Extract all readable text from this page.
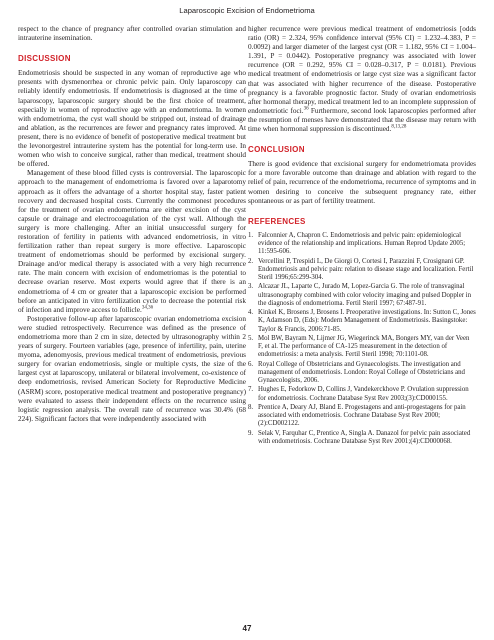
Laparoscopic Excision of Endometrioma

respect to the chance of pregnancy after controlled ovarian stimulation and intrauterine insemination.

DISCUSSION

Endometriosis should be suspected in any woman of reproductive age who presents with dysmenorrhea or chronic pelvic pain. Only laparoscopy can reliably identify endometriosis. If endometriosis is diagnosed at the time of laparoscopy, laparoscopic surgery should be the first choice of treatment, especially in women of reproductive age with an endometrioma. In women with endometrioma, the cyst wall should be stripped out, instead of drainage and ablation, as the recurrences are fewer and pregnancy rates improved. At present, there is no evidence of benefit of postoperative medical treatment but the levonorgestrel intrauterine system has the potential for long-term use. In women who wish to conceive surgical, rather than medical, treatment should be offered.

Management of these blood filled cysts is controversial. The laparoscopic approach to the management of endometrioma is favored over a laparotomy approach as it offers the advantage of a shorter hospital stay, faster patient recovery and decreased hospital costs. Currently the commonest procedures for the treatment of ovarian endometrioma are either excision of the cyst capsule or drainage and electrocoagulation of the cyst wall. Although the surgery is more challenging. After an initial unsuccessful surgery for restoration of fertility in patients with advanced endometriosis, in vitro fertilization rather than repeat surgery is more effective. Laparoscopic treatment of endometriomas should be performed by excisional surgery. Drainage and/or medical therapy is associated with a very high recurrence rate. The main concern with excision of endometriomas is the potential to decrease ovarian reserve. Most experts would agree that if there is an endometrioma of 4 cm or greater that a laparoscopic excision be performed before an anticipated in vitro fertilization cycle to decrease the potential risk of infection and improve access to follicle.$^{34,36}$

Postoperative follow-up after laparoscopic ovarian endometrioma excision were studied retrospectively. Recurrence was defined as the presence of endometrioma more than 2 cm in size, detected by ultrasonography within 2 years of surgery. Fourteen variables (age, presence of infertility, pain, uterine myoma, adenomyosis, previous medical treatment of endometriosis, previous surgery for ovarian endometriosis, single or multiple cysts, the size of the largest cyst at laparoscopy, unilateral or bilateral involvement, co-existence of deep endometriosis, revised American Society for Reproductive Medicine (ASRM) score, postoperative medical treatment and postoperative pregnancy) were evaluated to assess their independent effects on the recurrence using logistic regression analysis. The overall rate of recurrence was 30.4% (68 224). Significant factors that were independently associated with

higher recurrence were previous medical treatment of endometriosis [odds ratio (OR) = 2.324, 95% confidence interval (95% CI) = 1.232–4.383, P = 0.0092) and larger diameter of the largest cyst (OR = 1.182, 95% CI = 1.004–1.391, P = 0.0442). Postoperative pregnancy was associated with lower recurrence (OR = 0.292, 95% CI = 0.028–0.317, P = 0.0181). Previous medical treatment of endometriosis or large cyst size was a significant factor that was associated with higher recurrence of the disease. Postoperative pregnancy is a favorable prognostic factor. Study of ovarian endometriosis after hormonal therapy, medical treatment led to an incomplete suppression of endometriotic foci.$^{36}$ Furthermore, second look laparoscopies performed after the resumption of menses have demonstrated that the disease may return with time when hormonal suppression is discontinued.$^{8,13,28}$

CONCLUSION

There is good evidence that excisional surgery for endometriomata provides for a more favorable outcome than drainage and ablation with regard to the relief of pain, recurrence of the endometrioma, recurrence of symptoms and in women desiring to conceive the subsequent pregnancy rate, either spontaneous or as part of fertility treatment.

REFERENCES
1. Falconnier A, Chapron C. Endometriosis and pelvic pain: epidemiological evidence of the relationship and implications. Human Reprod Update 2005; 11:595-606.
2. Vercellini P, Trespidi L, De Giorgi O, Cortesi I, Parazzini F, Crosignani GP. Endometriosis and pelvic pain: relation to disease stage and localization. Fertil Steril 1996;65:299-304.
3. Alcazar JL, Laparte C, Jurado M, Lopez-Garcia G. The role of transvaginal ultrasonography combined with color velocity imaging and pulsed Doppler in the diagnosis of endometrioma. Fertil Steril 1997; 67:487-91.
4. Kinkel K, Brosens J, Brosens I. Preoperative investigations. In: Sutton C, Jones K, Adamson D, (Eds): Modern Management of Endometriosis. Basingstoke: Taylor & Francis, 2006:71-85.
5. Mol BW, Bayram N, Lijmer JG, Wiegerinck MA, Bongers MY, van der Veen F, et al. The performance of CA-125 measurement in the detection of endometriosis: a meta analysis. Fertil Steril 1998; 70:1101-08.
6. Royal College of Obstetricians and Gynaecologists. The investigation and management of endometriosis. London: Royal College of Obstetricians and Gynaecologists, 2006.
7. Hughes E, Fedorkow D, Collins J, Vandekerckhove P. Ovulation suppression for endometriosis. Cochrane Database Syst Rev 2003;(3):CD000155.
8. Prentice A, Deary AJ, Bland E. Progestagens and anti-progestagens for pain associated with endometriosis. Cochrane Database Syst Rev 2000;(2):CD002122.
9. Selak V, Farquhar C, Prentice A, Singla A. Danazol for pelvic pain associated with endometriosis. Cochrane Database Syst Rev 2001;(4):CD000068.
47
